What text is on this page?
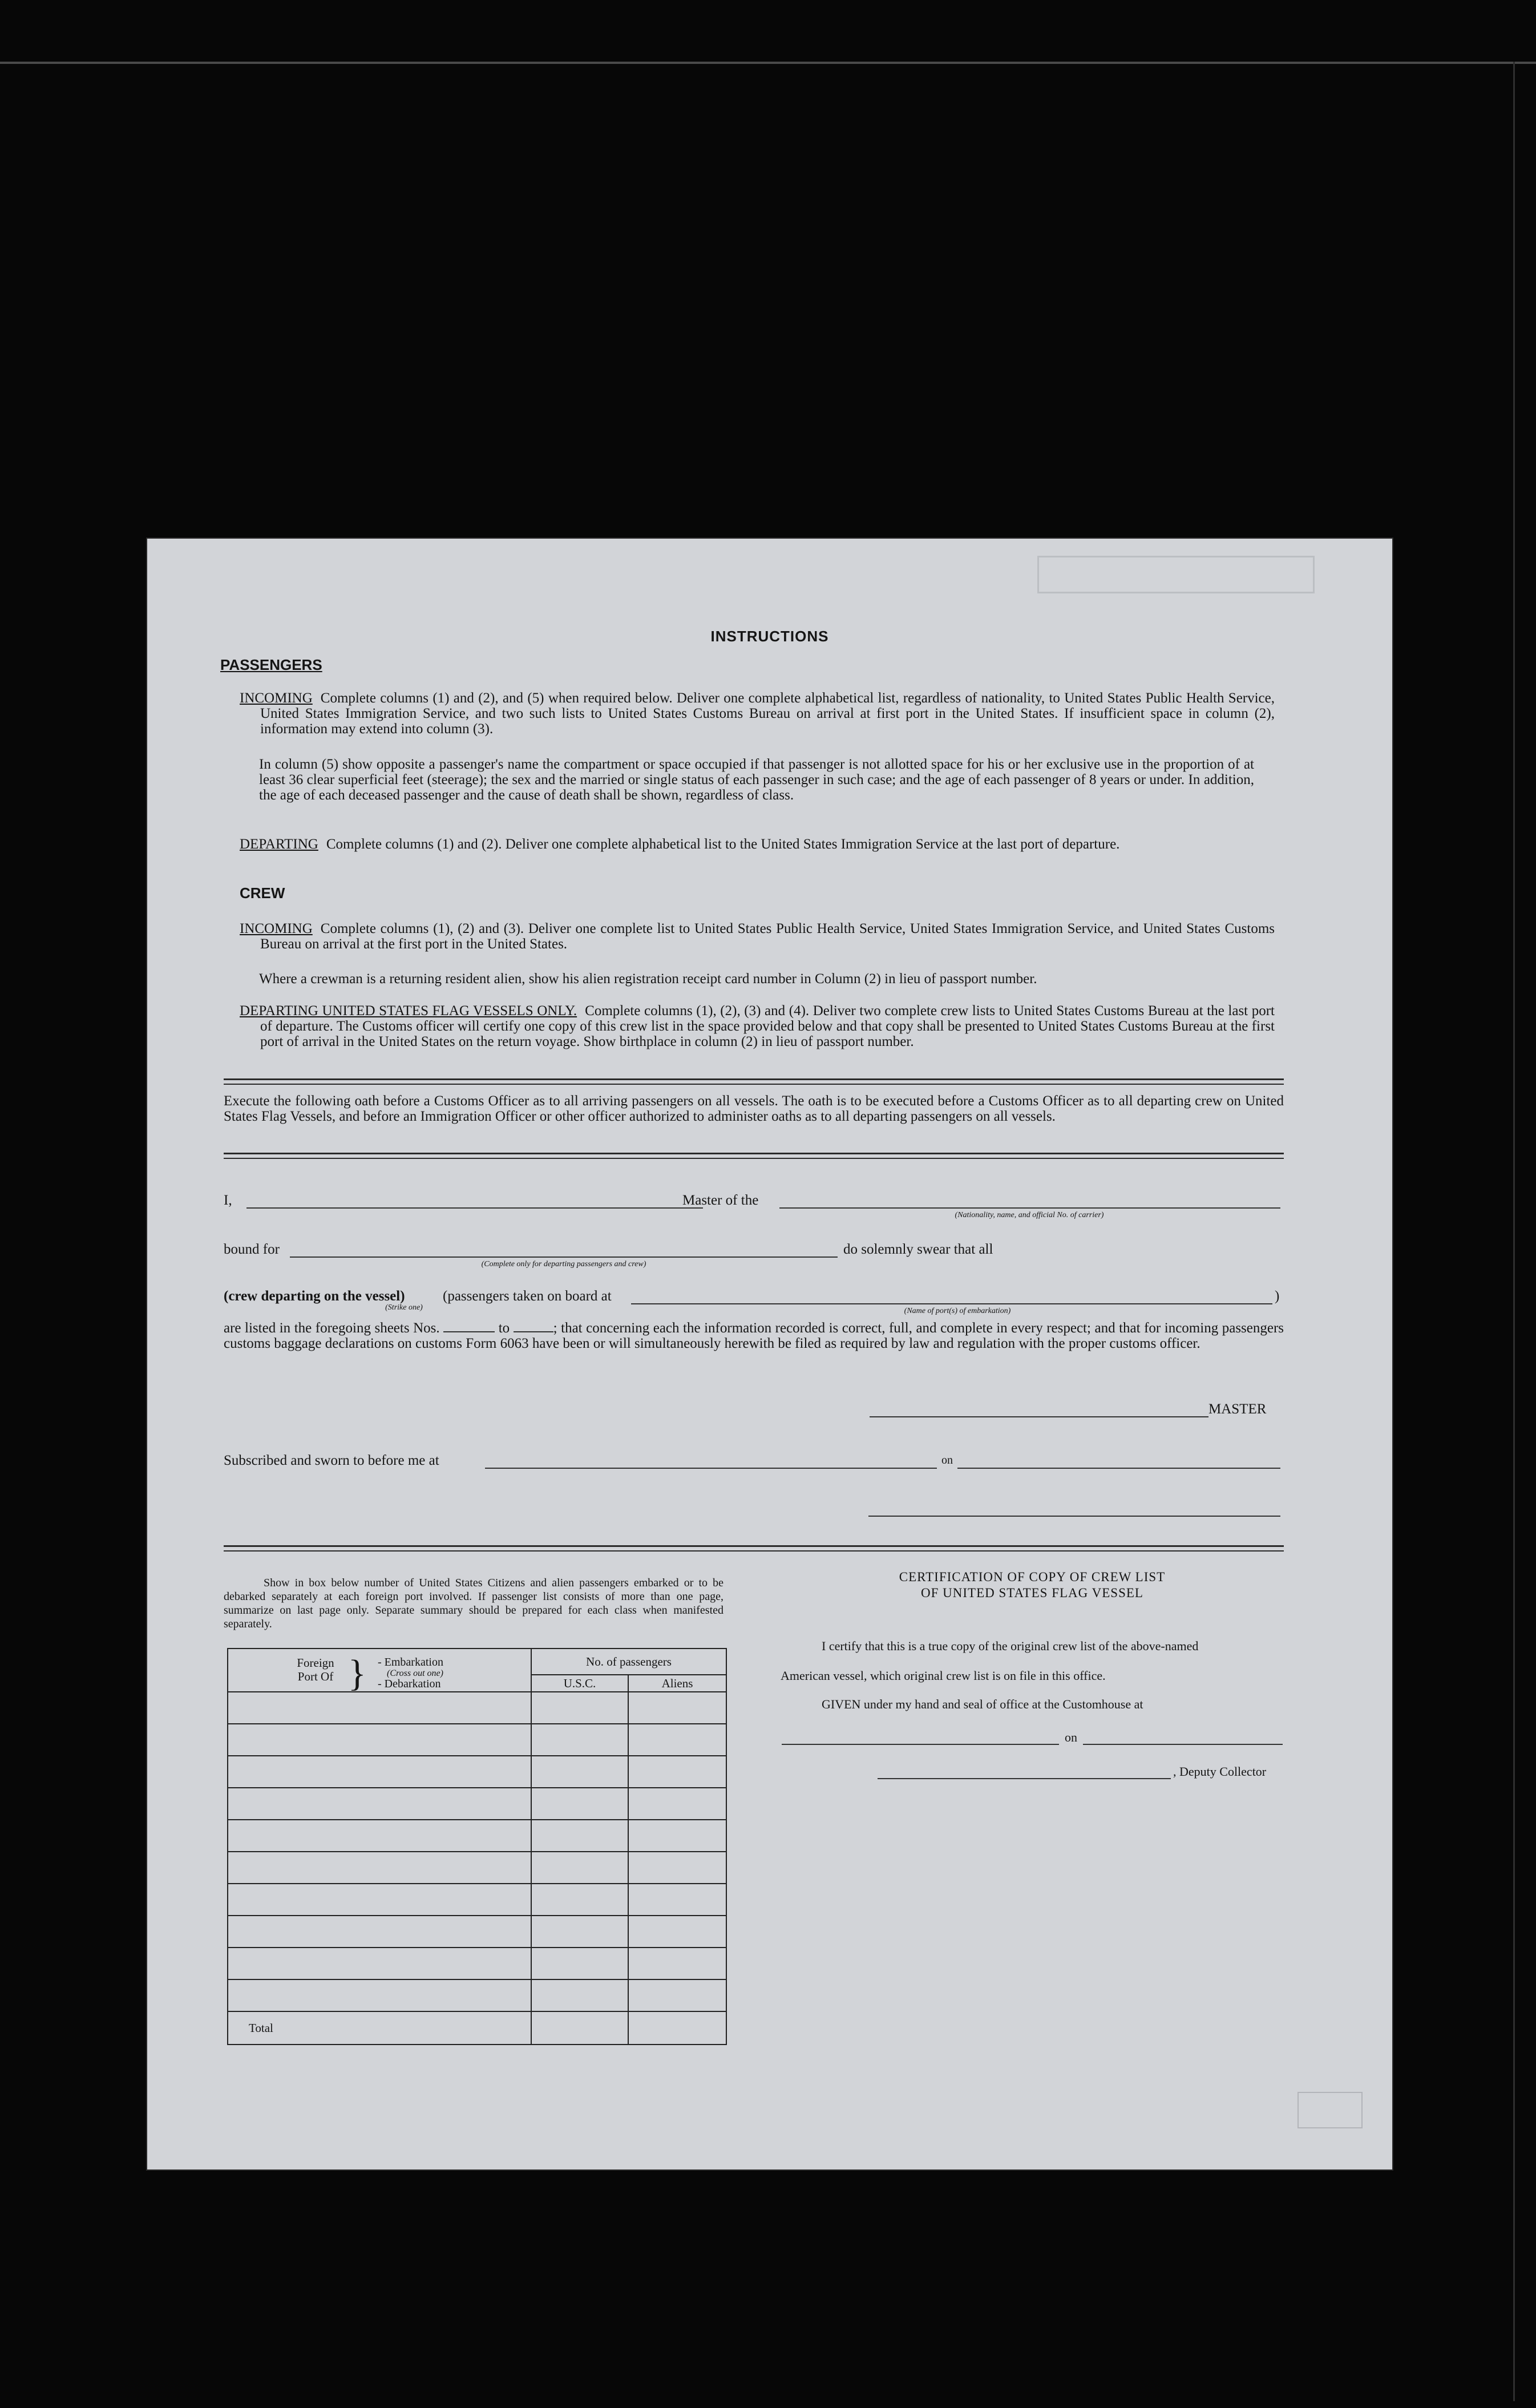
INSTRUCTIONS
PASSENGERS
INCOMING Complete columns (1) and (2), and (5) when required below. Deliver one complete alphabetical list, regardless of nationality, to United States Public Health Service, United States Immigration Service, and two such lists to United States Customs Bureau on arrival at first port in the United States. If insufficient space in column (2), information may extend into column (3).
In column (5) show opposite a passenger's name the compartment or space occupied if that passenger is not allotted space for his or her exclusive use in the proportion of at least 36 clear superficial feet (steerage); the sex and the married or single status of each passenger in such case; and the age of each passenger of 8 years or under. In addition, the age of each deceased passenger and the cause of death shall be shown, regardless of class.
DEPARTING Complete columns (1) and (2). Deliver one complete alphabetical list to the United States Immigration Service at the last port of departure.
CREW
INCOMING Complete columns (1), (2) and (3). Deliver one complete list to United States Public Health Service, United States Immigration Service, and United States Customs Bureau on arrival at the first port in the United States.
Where a crewman is a returning resident alien, show his alien registration receipt card number in Column (2) in lieu of passport number.
DEPARTING UNITED STATES FLAG VESSELS ONLY. Complete columns (1), (2), (3) and (4). Deliver two complete crew lists to United States Customs Bureau at the last port of departure. The Customs officer will certify one copy of this crew list in the space provided below and that copy shall be presented to United States Customs Bureau at the first port of arrival in the United States on the return voyage. Show birthplace in column (2) in lieu of passport number.
Execute the following oath before a Customs Officer as to all arriving passengers on all vessels. The oath is to be executed before a Customs Officer as to all departing crew on United States Flag Vessels, and before an Immigration Officer or other officer authorized to administer oaths as to all departing passengers on all vessels.
I,	Master of the
(Nationality, name, and official No. of carrier)
bound for
(Complete only for departing passengers and crew)
do solemnly swear that all
(crew departing on the vessel)
(Strike one)
(passengers taken on board at
(Name of port(s) of embarkation)
)
are listed in the foregoing sheets Nos.	to	; that concerning each the information recorded is correct, full, and complete in every respect; and that for incoming passengers customs baggage declarations on customs Form 6063 have been or will simultaneously herewith be filed as required by law and regulation with the proper customs officer.
MASTER
Subscribed and sworn to before me at	on
Show in box below number of United States Citizens and alien passengers embarked or to be debarked separately at each foreign port involved. If passenger list consists of more than one page, summarize on last page only. Separate summary should be prepared for each class when manifested separately.
Foreign Port Of } - Embarkation
(Cross out one)
- Debarkation	No. of passengers	
	U.S.C.	Aliens

Total		
CERTIFICATION OF COPY OF CREW LIST
OF UNITED STATES FLAG VESSEL
I certify that this is a true copy of the original crew list of the above-named
American vessel, which original crew list is on file in this office.
GIVEN under my hand and seal of office at the Customhouse at
on
, Deputy Collector
